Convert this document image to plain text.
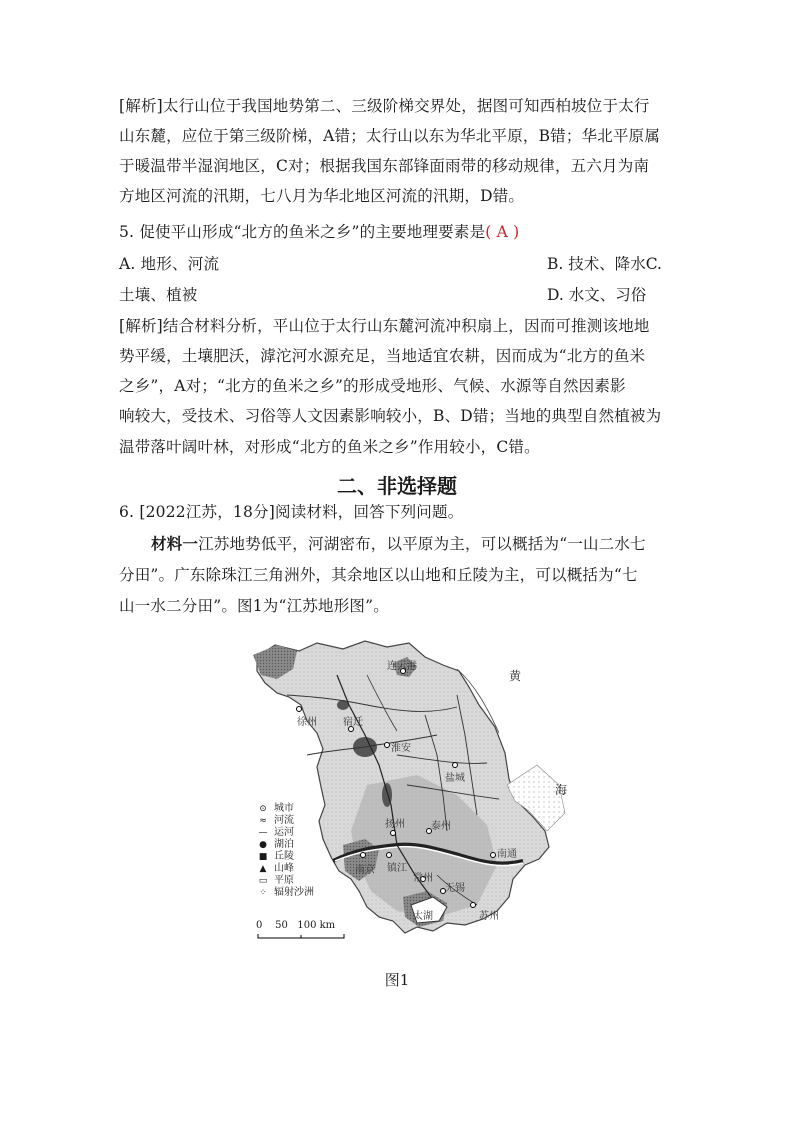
[解析]太行山位于我国地势第二、三级阶梯交界处，据图可知西柏坡位于太行
山东麓，应位于第三级阶梯，A错；太行山以东为华北平原，B错；华北平原属
于暖温带半湿润地区，C对；根据我国东部锋面雨带的移动规律，五六月为南
方地区河流的汛期，七八月为华北地区河流的汛期，D错。
5. 促使平山形成“北方的鱼米之乡”的主要地理要素是( A )
A. 地形、河流	B. 技术、降水C.
土壤、植被	D. 水文、习俗
[解析]结合材料分析，平山位于太行山东麓河流冲积扇上，因而可推测该地地
势平缓，土壤肥沃，滹沱河水源充足，当地适宜农耕，因而成为“北方的鱼米
之乡”，A对；“北方的鱼米之乡”的形成受地形、气候、水源等自然因素影
响较大，受技术、习俗等人文因素影响较小，B、D错；当地的典型自然植被为
温带落叶阔叶林，对形成“北方的鱼米之乡”作用较小，C错。
二、非选择题
6. [2022江苏，18分]阅读材料，回答下列问题。
材料一江苏地势低平，河湖密布，以平原为主，可以概括为“一山二水七
分田”。广东除珠江三角洲外，其余地区以山地和丘陵为主，可以概括为“七
山一水二分田”。图1为“江苏地形图”。
连云港
徐州	宿迁
淮安
盐城
扬州	泰州
南京 镇江
南通
常州
无锡
苏州
太湖
黄
海
⊙ 城市
≈ 河流
— 运河
● 湖泊
■ 丘陵
▲ 山峰
▭ 平原
⁘ 辐射沙洲
0    50   100 km
图1
